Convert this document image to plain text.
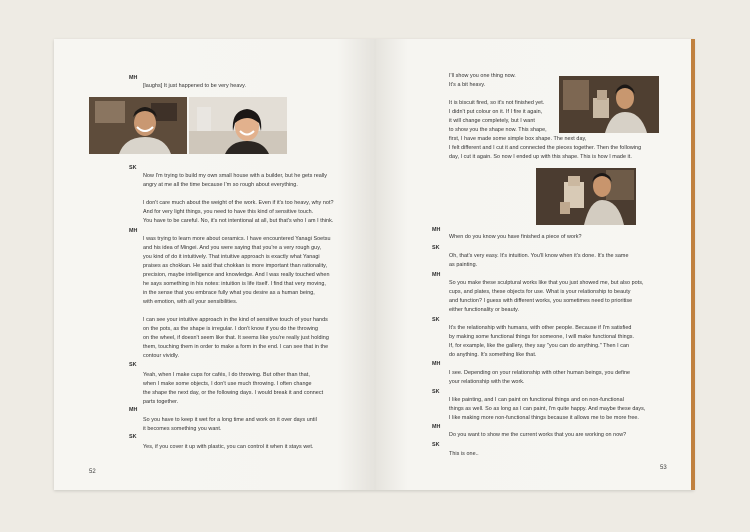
MH
[laughs] It just happened to be very heavy.
SK
Now I'm trying to build my own small house with a builder, but he gets really
angry at me all the time because I'm so rough about everything.

I don't care much about the weight of the work. Even if it's too heavy, why not?
And for very light things, you need to have this kind of sensitive touch.
You have to be careful. No, it's not intentional at all, but that's who I am I think.
MH
I was trying to learn more about ceramics. I have encountered Yanagi Soetsu
and his idea of Mingei. And you were saying that you're a very rough guy,
you kind of do it intuitively. That intuitive approach is exactly what Yanagi
praises as chokkan. He said that chokkan is more important than rationality,
precision, maybe intelligence and knowledge. And I was really touched when
he says something in his notes: intuition is life itself. I find that very moving,
in the sense that you embrace fully what you desire as a human being,
with emotion, with all your sensibilities.

I can see your intuitive approach in the kind of sensitive touch of your hands
on the pots, as the shape is irregular. I don't know if you do the throwing
on the wheel, if doesn't seem like that. It seems like you're really just holding
them, touching them in order to make a form in the end. I can see that in the
contour vividly.
SK
Yeah, when I make cups for cafés, I do throwing. But other than that,
when I make some objects, I don't use much throwing. I often change
the shape the next day, or the following days. I would break it and connect
parts together.
MH
So you have to keep it wet for a long time and work on it over days until
it becomes something you want.
SK
Yes, if you cover it up with plastic, you can control it when it stays wet.
52
I'll show you one thing now.
It's a bit heavy.

It is biscuit fired, so it's not finished yet.
I didn't put colour on it. If I fire it again,
it will change completely, but I want
to show you the shape now. This shape,
first, I have made some simple box shape. The next day,
I felt different and I cut it and connected the pieces together. Then the following
day, I cut it again. So now I ended up with this shape. This is how I made it.
MH
When do you know you have finished a piece of work?
SK
Oh, that's very easy. It's intuition. You'll know when it's done. It's the same
as painting.
MH
So you make these sculptural works like that you just showed me, but also pots,
cups, and plates, these objects for use. What is your relationship to beauty
and function? I guess with different works, you sometimes need to prioritise
either functionality or beauty.
SK
It's the relationship with humans, with other people. Because if I'm satisfied
by making some functional things for someone, I will make functional things.
If, for example, like the gallery, they say "you can do anything." Then I can
do anything. It's something like that.
MH
I see. Depending on your relationship with other human beings, you define
your relationship with the work.
SK
I like painting, and I can paint on functional things and on non-functional
things as well. So as long as I can paint, I'm quite happy. And maybe these days,
I like making more non-functional things because it allows me to be more free.
MH
Do you want to show me the current works that you are working on now?
SK
This is one..
53
